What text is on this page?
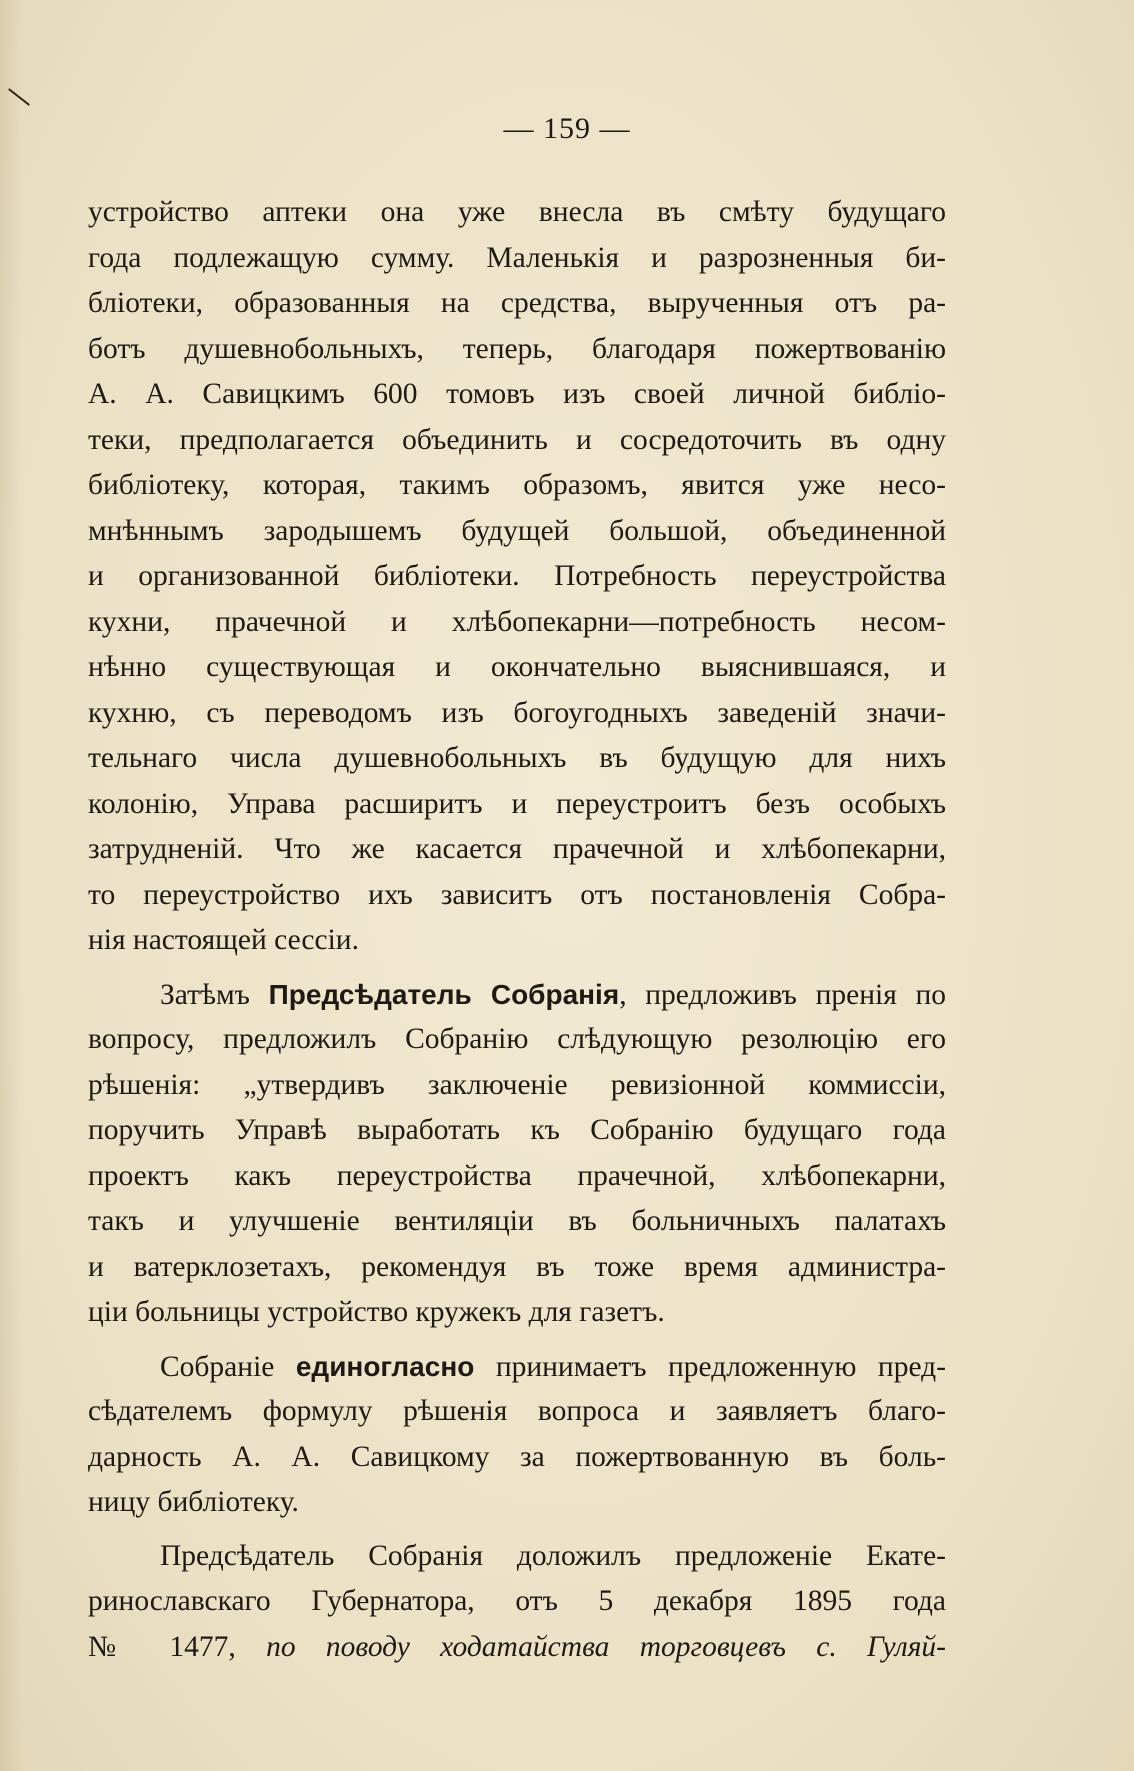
— 159 —
устройство аптеки она уже внесла въ смѣту будущаго
года подлежащую сумму. Маленькія и разрозненныя би-
бліотеки, образованныя на средства, вырученныя отъ ра-
ботъ душевнобольныхъ, теперь, благодаря пожертвованію
А. А. Савицкимъ 600 томовъ изъ своей личной библіо-
теки, предполагается объединить и сосредоточить въ одну
библіотеку, которая, такимъ образомъ, явится уже несо-
мнѣннымъ зародышемъ будущей большой, объединенной
и организованной библіотеки. Потребность переустройства
кухни, прачечной и хлѣбопекарни—потребность несом-
нѣнно существующая и окончательно выяснившаяся, и
кухню, съ переводомъ изъ богоугодныхъ заведеній значи-
тельнаго числа душевнобольныхъ въ будущую для нихъ
колонію, Управа расширитъ и переустроитъ безъ особыхъ
затрудненій. Что же касается прачечной и хлѣбопекарни,
то переустройство ихъ зависитъ отъ постановленія Собра-
нія настоящей сессіи.
Затѣмъ Предсѣдатель Собранія, предложивъ пренія по
вопросу, предложилъ Собранію слѣдующую резолюцію его
рѣшенія: „утвердивъ заключеніе ревизіонной коммиссіи,
поручить Управѣ выработать къ Собранію будущаго года
проектъ какъ переустройства прачечной, хлѣбопекарни,
такъ и улучшеніе вентиляціи въ больничныхъ палатахъ
и ватерклозетахъ, рекомендуя въ тоже время администра-
ціи больницы устройство кружекъ для газетъ.
Собраніе единогласно принимаетъ предложенную пред-
сѣдателемъ формулу рѣшенія вопроса и заявляетъ благо-
дарность А. А. Савицкому за пожертвованную въ боль-
ницу библіотеку.
Предсѣдатель Собранія доложилъ предложеніе Екате-
ринославскаго Губернатора, отъ 5 декабря 1895 года
№ 1477, по поводу ходатайства торговцевъ с. Гуляй-
